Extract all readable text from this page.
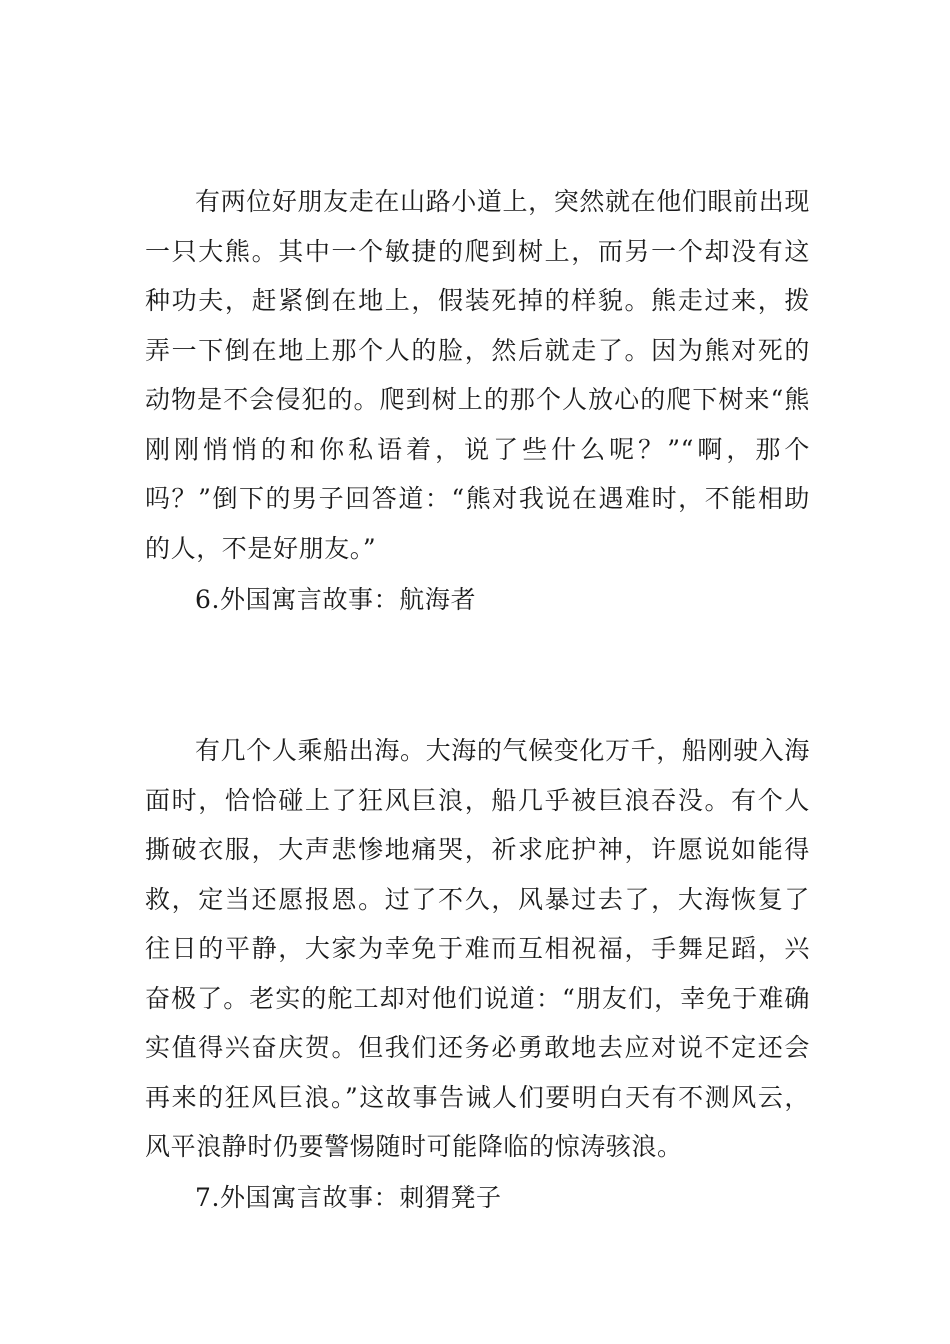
有两位好朋友走在山路小道上，突然就在他们眼前出现一只大熊。其中一个敏捷的爬到树上，而另一个却没有这种功夫，赶紧倒在地上，假装死掉的样貌。熊走过来，拨弄一下倒在地上那个人的脸，然后就走了。因为熊对死的动物是不会侵犯的。爬到树上的那个人放心的爬下树来“熊刚刚悄悄的和你私语着，说了些什么呢？”“啊，那个吗？”倒下的男子回答道：“熊对我说在遇难时，不能相助的人，不是好朋友。”

6.外国寓言故事：航海者

有几个人乘船出海。大海的气候变化万千，船刚驶入海面时，恰恰碰上了狂风巨浪，船几乎被巨浪吞没。有个人撕破衣服，大声悲惨地痛哭，祈求庇护神，许愿说如能得救，定当还愿报恩。过了不久，风暴过去了，大海恢复了往日的平静，大家为幸免于难而互相祝福，手舞足蹈，兴奋极了。老实的舵工却对他们说道：“朋友们，幸免于难确实值得兴奋庆贺。但我们还务必勇敢地去应对说不定还会再来的狂风巨浪。”这故事告诫人们要明白天有不测风云，风平浪静时仍要警惕随时可能降临的惊涛骇浪。

7.外国寓言故事：刺猬凳子
